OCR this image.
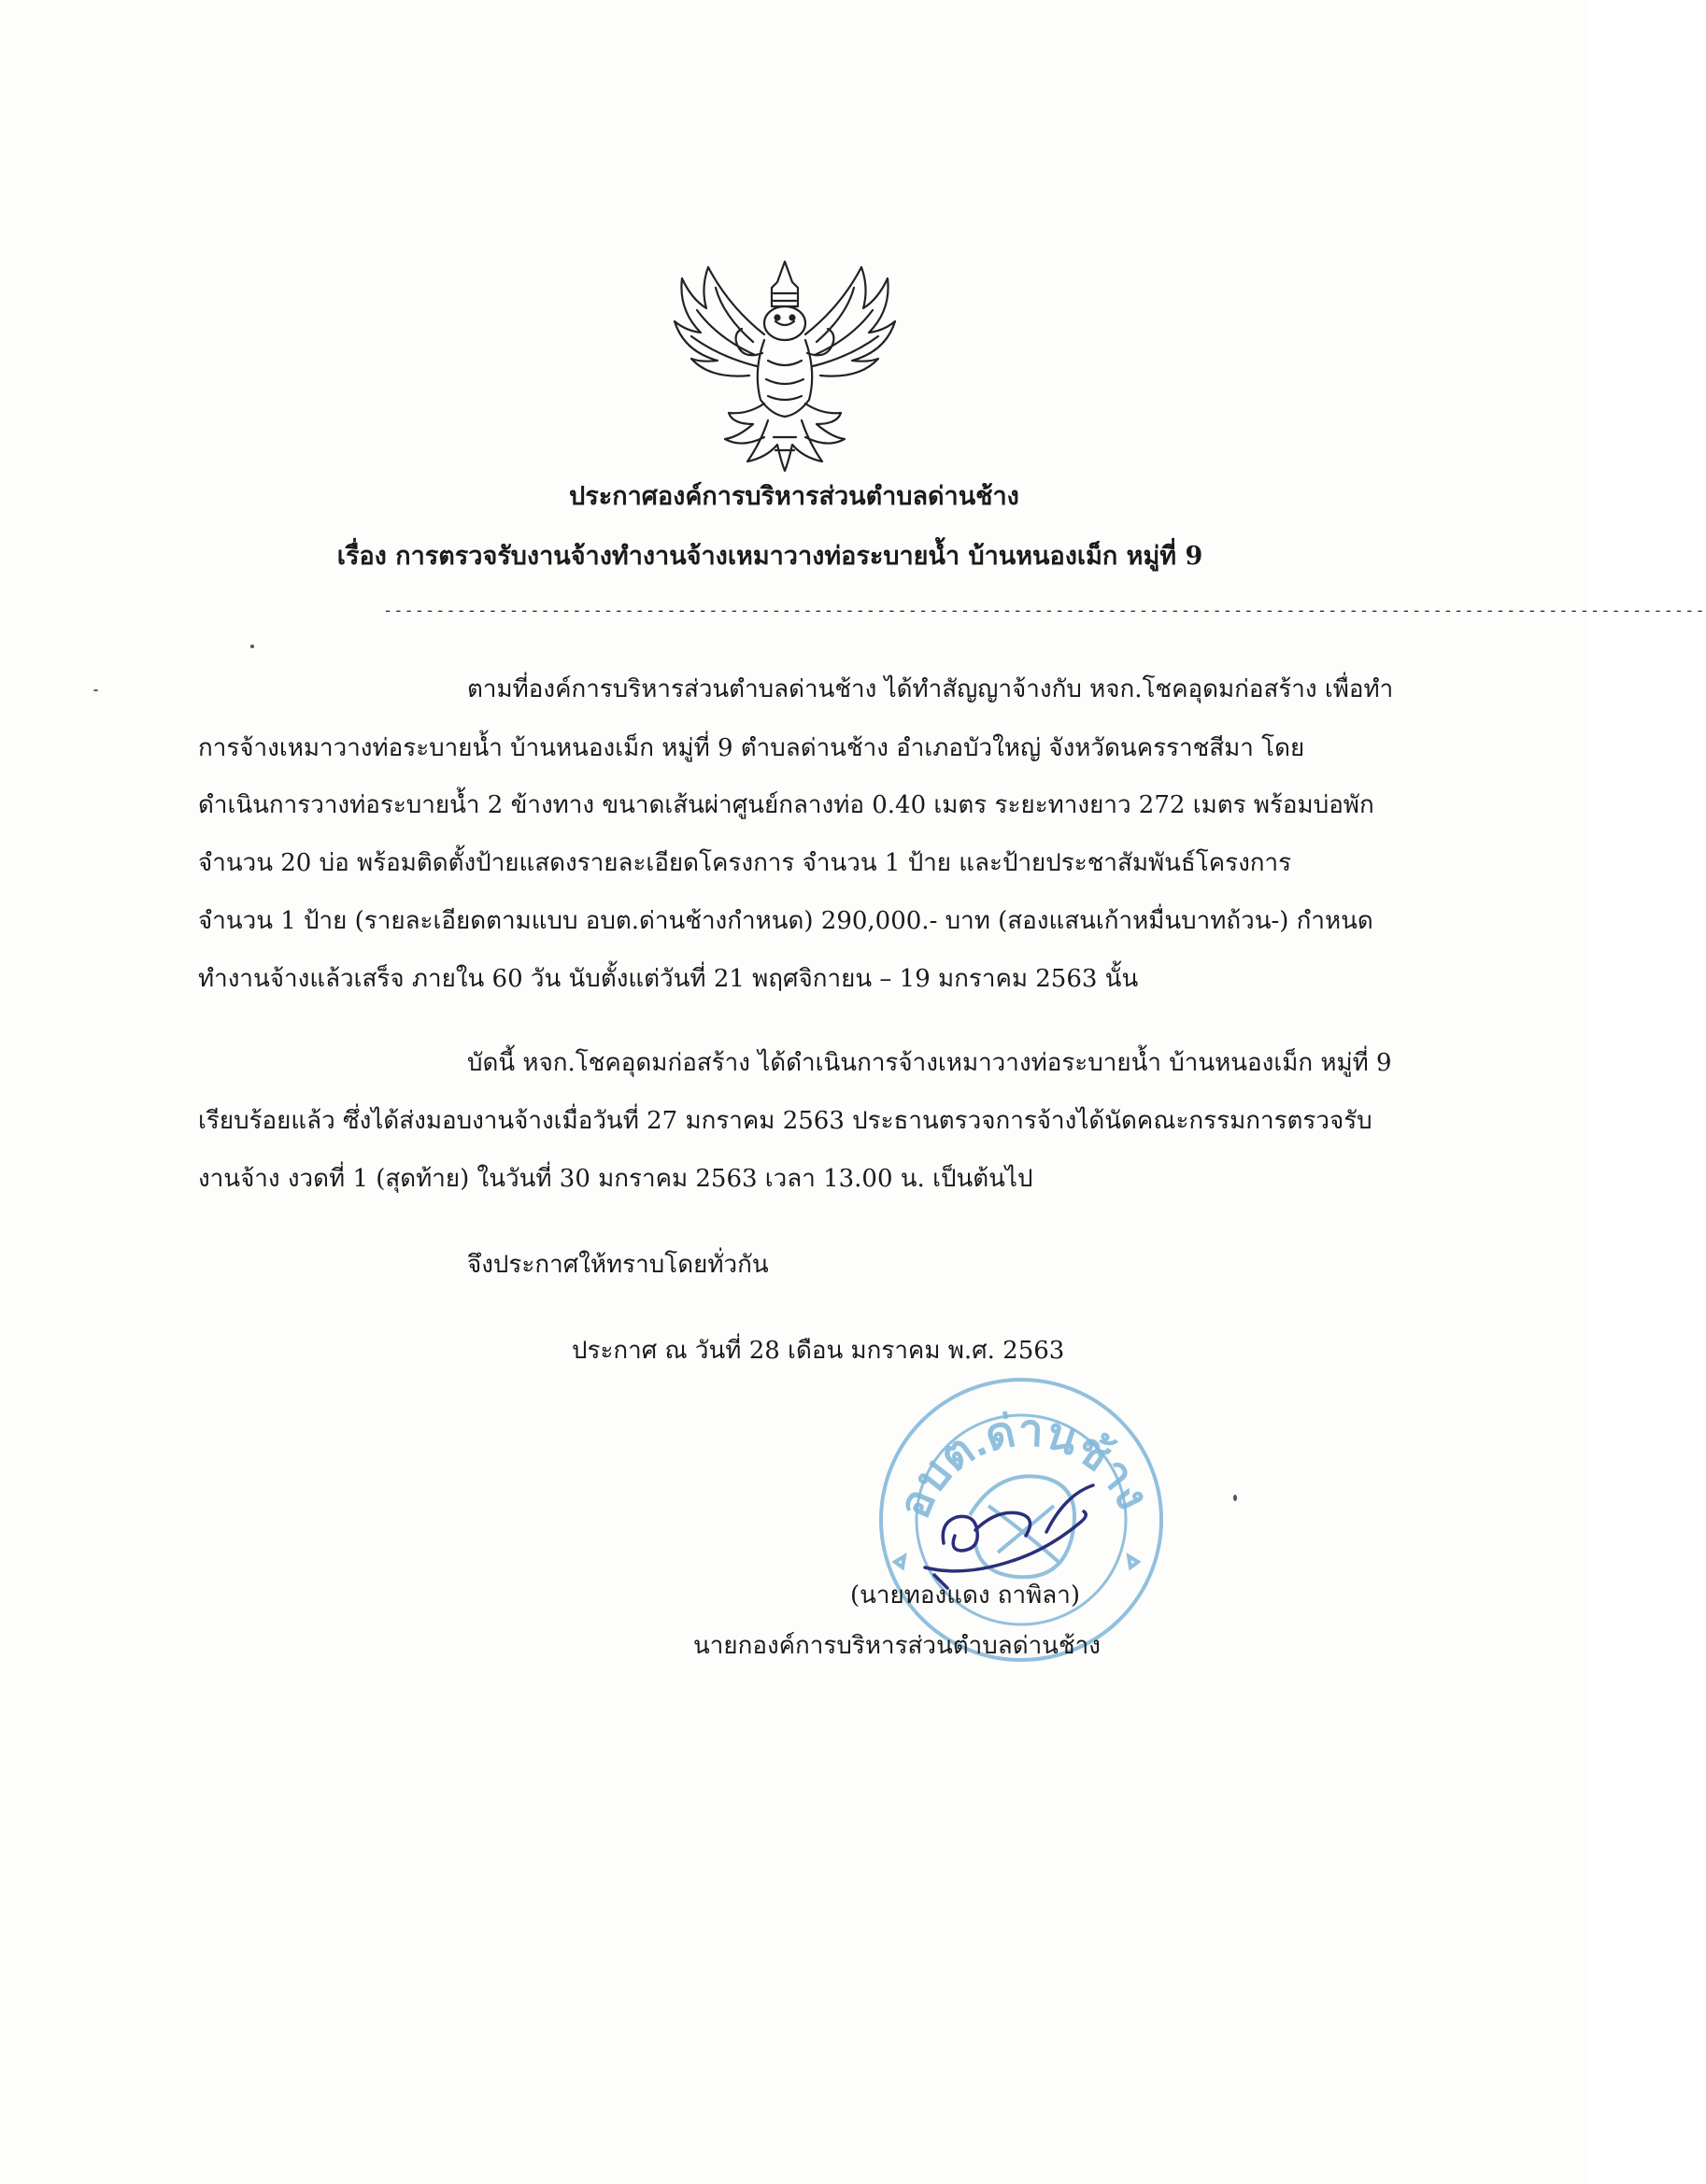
ประกาศองค์การบริหารส่วนตำบลด่านช้าง
เรื่อง การตรวจรับงานจ้างทำงานจ้างเหมาวางท่อระบายน้ำ บ้านหนองเม็ก หมู่ที่ 9
------------------------------------------------------------------------------------------------------------------------------
ตามที่องค์การบริหารส่วนตำบลด่านช้าง ได้ทำสัญญาจ้างกับ หจก.โชคอุดมก่อสร้าง เพื่อทำ
การจ้างเหมาวางท่อระบายน้ำ บ้านหนองเม็ก หมู่ที่ 9 ตำบลด่านช้าง อำเภอบัวใหญ่ จังหวัดนครราชสีมา โดย
ดำเนินการวางท่อระบายน้ำ 2 ข้างทาง ขนาดเส้นผ่าศูนย์กลางท่อ 0.40 เมตร ระยะทางยาว 272 เมตร พร้อมบ่อพัก
จำนวน 20 บ่อ พร้อมติดตั้งป้ายแสดงรายละเอียดโครงการ จำนวน 1 ป้าย และป้ายประชาสัมพันธ์โครงการ
จำนวน 1 ป้าย (รายละเอียดตามแบบ อบต.ด่านช้างกำหนด) 290,000.- บาท (สองแสนเก้าหมื่นบาทถ้วน-) กำหนด
ทำงานจ้างแล้วเสร็จ ภายใน 60 วัน นับตั้งแต่วันที่ 21 พฤศจิกายน – 19 มกราคม 2563 นั้น
บัดนี้ หจก.โชคอุดมก่อสร้าง ได้ดำเนินการจ้างเหมาวางท่อระบายน้ำ บ้านหนองเม็ก หมู่ที่ 9
เรียบร้อยแล้ว ซึ่งได้ส่งมอบงานจ้างเมื่อวันที่ 27 มกราคม 2563 ประธานตรวจการจ้างได้นัดคณะกรรมการตรวจรับ
งานจ้าง งวดที่ 1 (สุดท้าย) ในวันที่ 30 มกราคม 2563 เวลา 13.00 น. เป็นต้นไป
จึงประกาศให้ทราบโดยทั่วกัน
ประกาศ ณ วันที่ 28 เดือน มกราคม พ.ศ. 2563
อบต.ด่านช้าง
(นายทองแดง ถาพิลา)
นายกองค์การบริหารส่วนตำบลด่านช้าง
